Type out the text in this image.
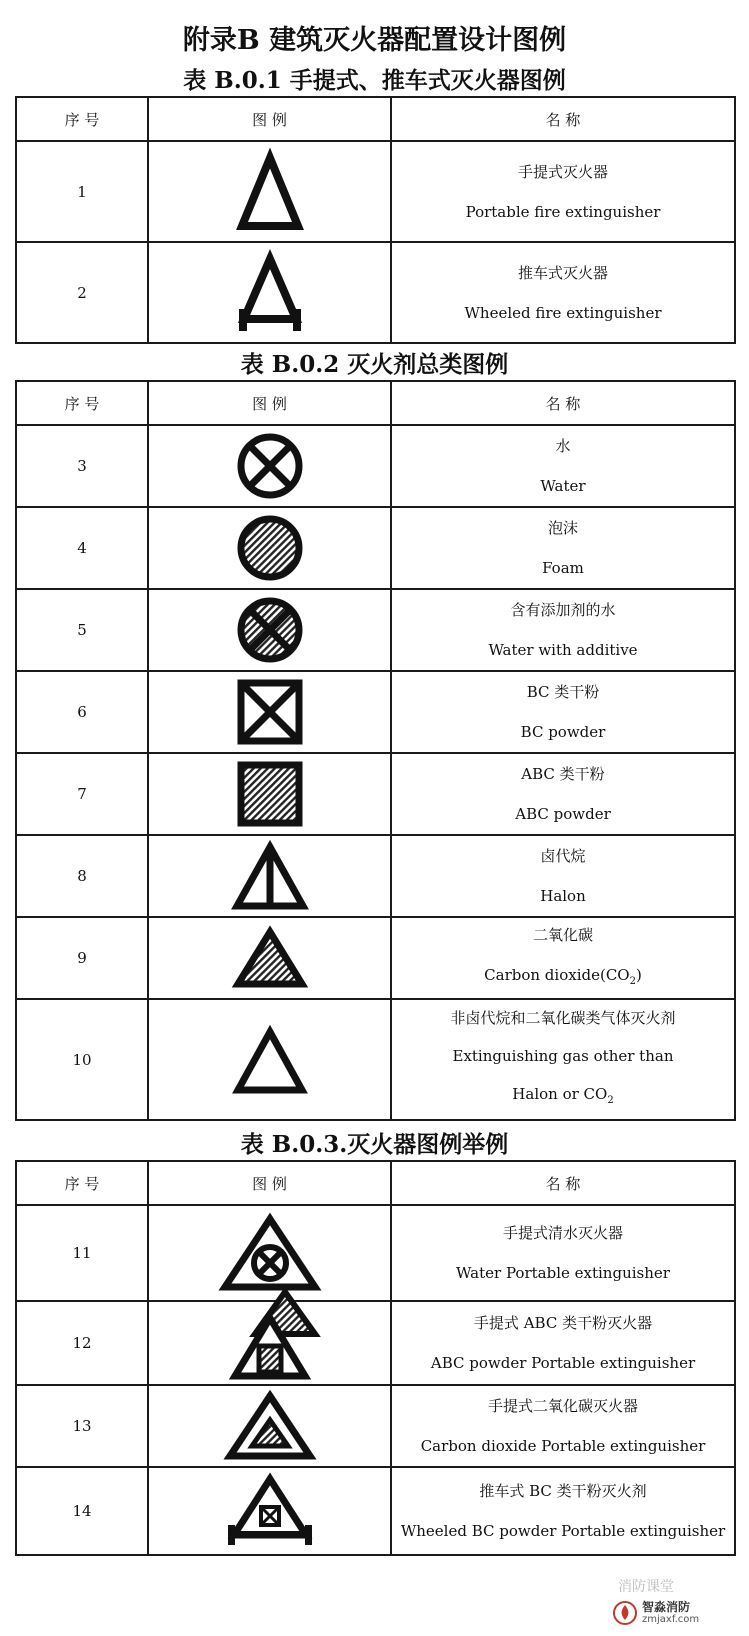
附录B 建筑灭火器配置设计图例
表 B.0.1 手提式、推车式灭火器图例
序 号	图 例	名 称
1		手提式灭火器
Portable fire extinguisher

2		推车式灭火器
Wheeled fire extinguisher
表 B.0.2 灭火剂总类图例
序 号	图 例	名 称
3		水
Water

4		泡沫
Foam

5		含有添加剂的水
Water with additive

6		BC 类干粉
BC powder

7		ABC 类干粉
ABC powder

8		卤代烷
Halon

9		二氧化碳
Carbon $dioxide(CO_2)$

10		非卤代烷和二氧化碳类气体灭火剂
Extinguishing gas other than
Halon or $CO_2$
表 B.0.3.灭火器图例举例
序 号	图 例	名 称
11		手提式清水灭火器
Water Portable extinguisher

12		手提式 ABC 类干粉灭火器
ABC powder Portable extinguisher

13		手提式二氧化碳灭火器
Carbon dioxide Portable extinguisher

14		推车式 BC 类干粉灭火剂
Wheeled BC powder Portable extinguisher
消防课堂
智淼消防
zmjaxf.com
